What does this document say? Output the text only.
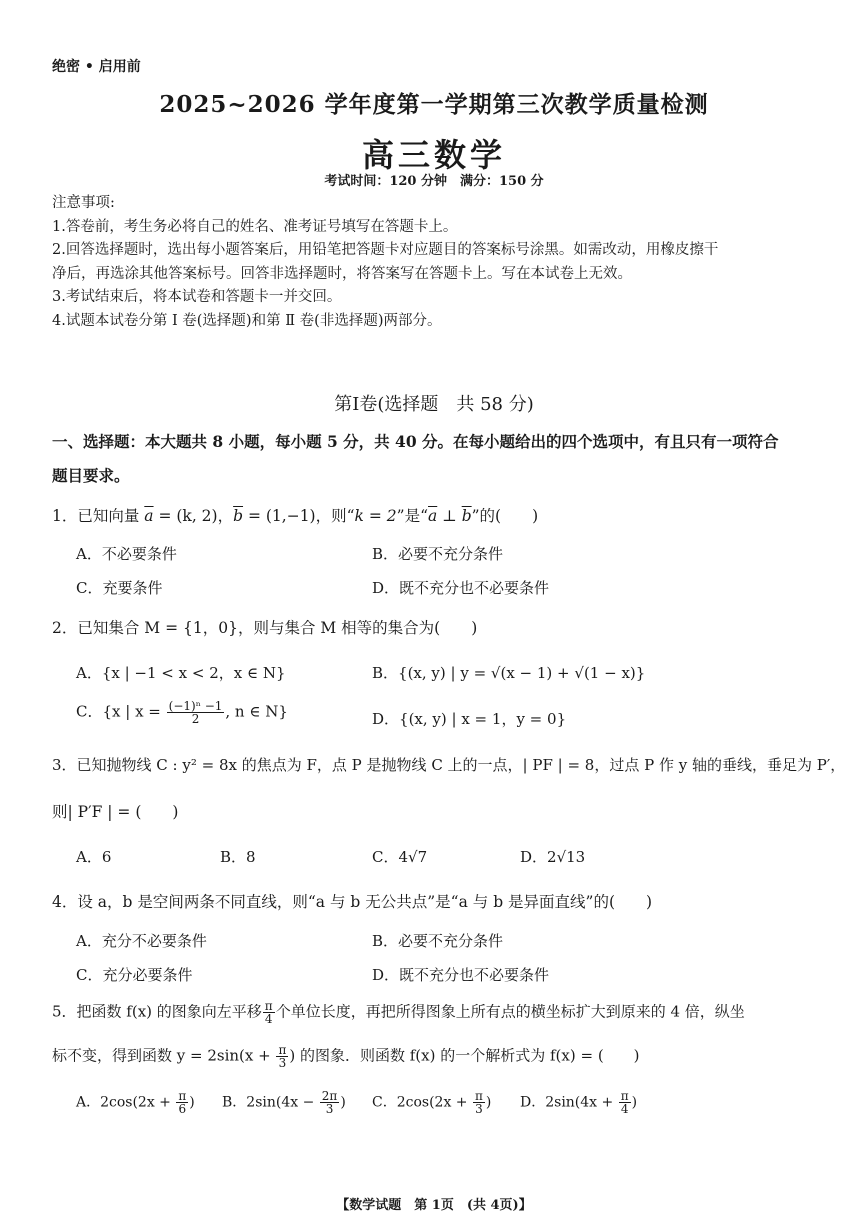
绝密 • 启用前
2025~2026 学年度第一学期第三次教学质量检测
高三数学
考试时间：120 分钟　满分：150 分
注意事项:
1.答卷前，考生务必将自己的姓名、准考证号填写在答题卡上。
2.回答选择题时，选出每小题答案后，用铅笔把答题卡对应题目的答案标号涂黑。如需改动，用橡皮擦干
净后，再选涂其他答案标号。回答非选择题时，将答案写在答题卡上。写在本试卷上无效。
3.考试结束后，将本试卷和答题卡一并交回。
4.试题本试卷分第 Ⅰ 卷(选择题)和第 Ⅱ 卷(非选择题)两部分。
第Ⅰ卷(选择题　共 58 分)
一、选择题：本大题共 8 小题，每小题 5 分，共 40 分。在每小题给出的四个选项中，有且只有一项符合
题目要求。
1．已知向量 $\overline{a} = (k$, 2)，$\overline{b} = (1,-1)$，则“k = 2”是“$\overline{a}$ ⊥ $\overline{b}$”的(　　)
A．不必要条件	B．必要不充分条件
C．充要条件	D．既不充分也不必要条件
2．已知集合 M = {1，0}，则与集合 M 相等的集合为(　　)
A．{x | −1 < x < 2，x ∈ N}	B．{(x, y) | y = √(x − 1) + √(1 − x)}
C．{x | $x = \frac{\text{(−1)ⁿ −1}}{2}$ , n ∈ N}	D．{(x, y) | x = 1，y = 0}
3．已知抛物线 C : y² = 8x 的焦点为 F，点 P 是抛物线 C 上的一点，| PF | = 8，过点 P 作 y 轴的垂线，垂足为 P′，
则| P′F | = (　　)
A．6	B．8	C．4√7	D．2√13
4．设 a，b 是空间两条不同直线，则“a 与 b 无公共点”是“a 与 b 是异面直线”的(　　)
A．充分不必要条件	B．必要不充分条件
C．充分必要条件	D．既不充分也不必要条件
5．把函数 f(x) 的图象向左平移 $\frac{\pi}{4}$ 个单位长度，再把所得图象上所有点的横坐标扩大到原来的 4 倍，纵坐
标不变，得到函数 $y = 2\sin(x + \frac{\pi}{3}$ ) 的图象．则函数 f(x) 的一个解析式为 f(x) = (　　)
A．$2\cos(2x + \frac{\pi}{6}$ ) B．$2\sin(4x - \frac{2\pi}{3}$ ) C．$2\cos(2x + \frac{\pi}{3}$ ) D．$2\sin(4x + \frac{\pi}{4}$ )
【数学试题　第 1页　(共 4页)】
